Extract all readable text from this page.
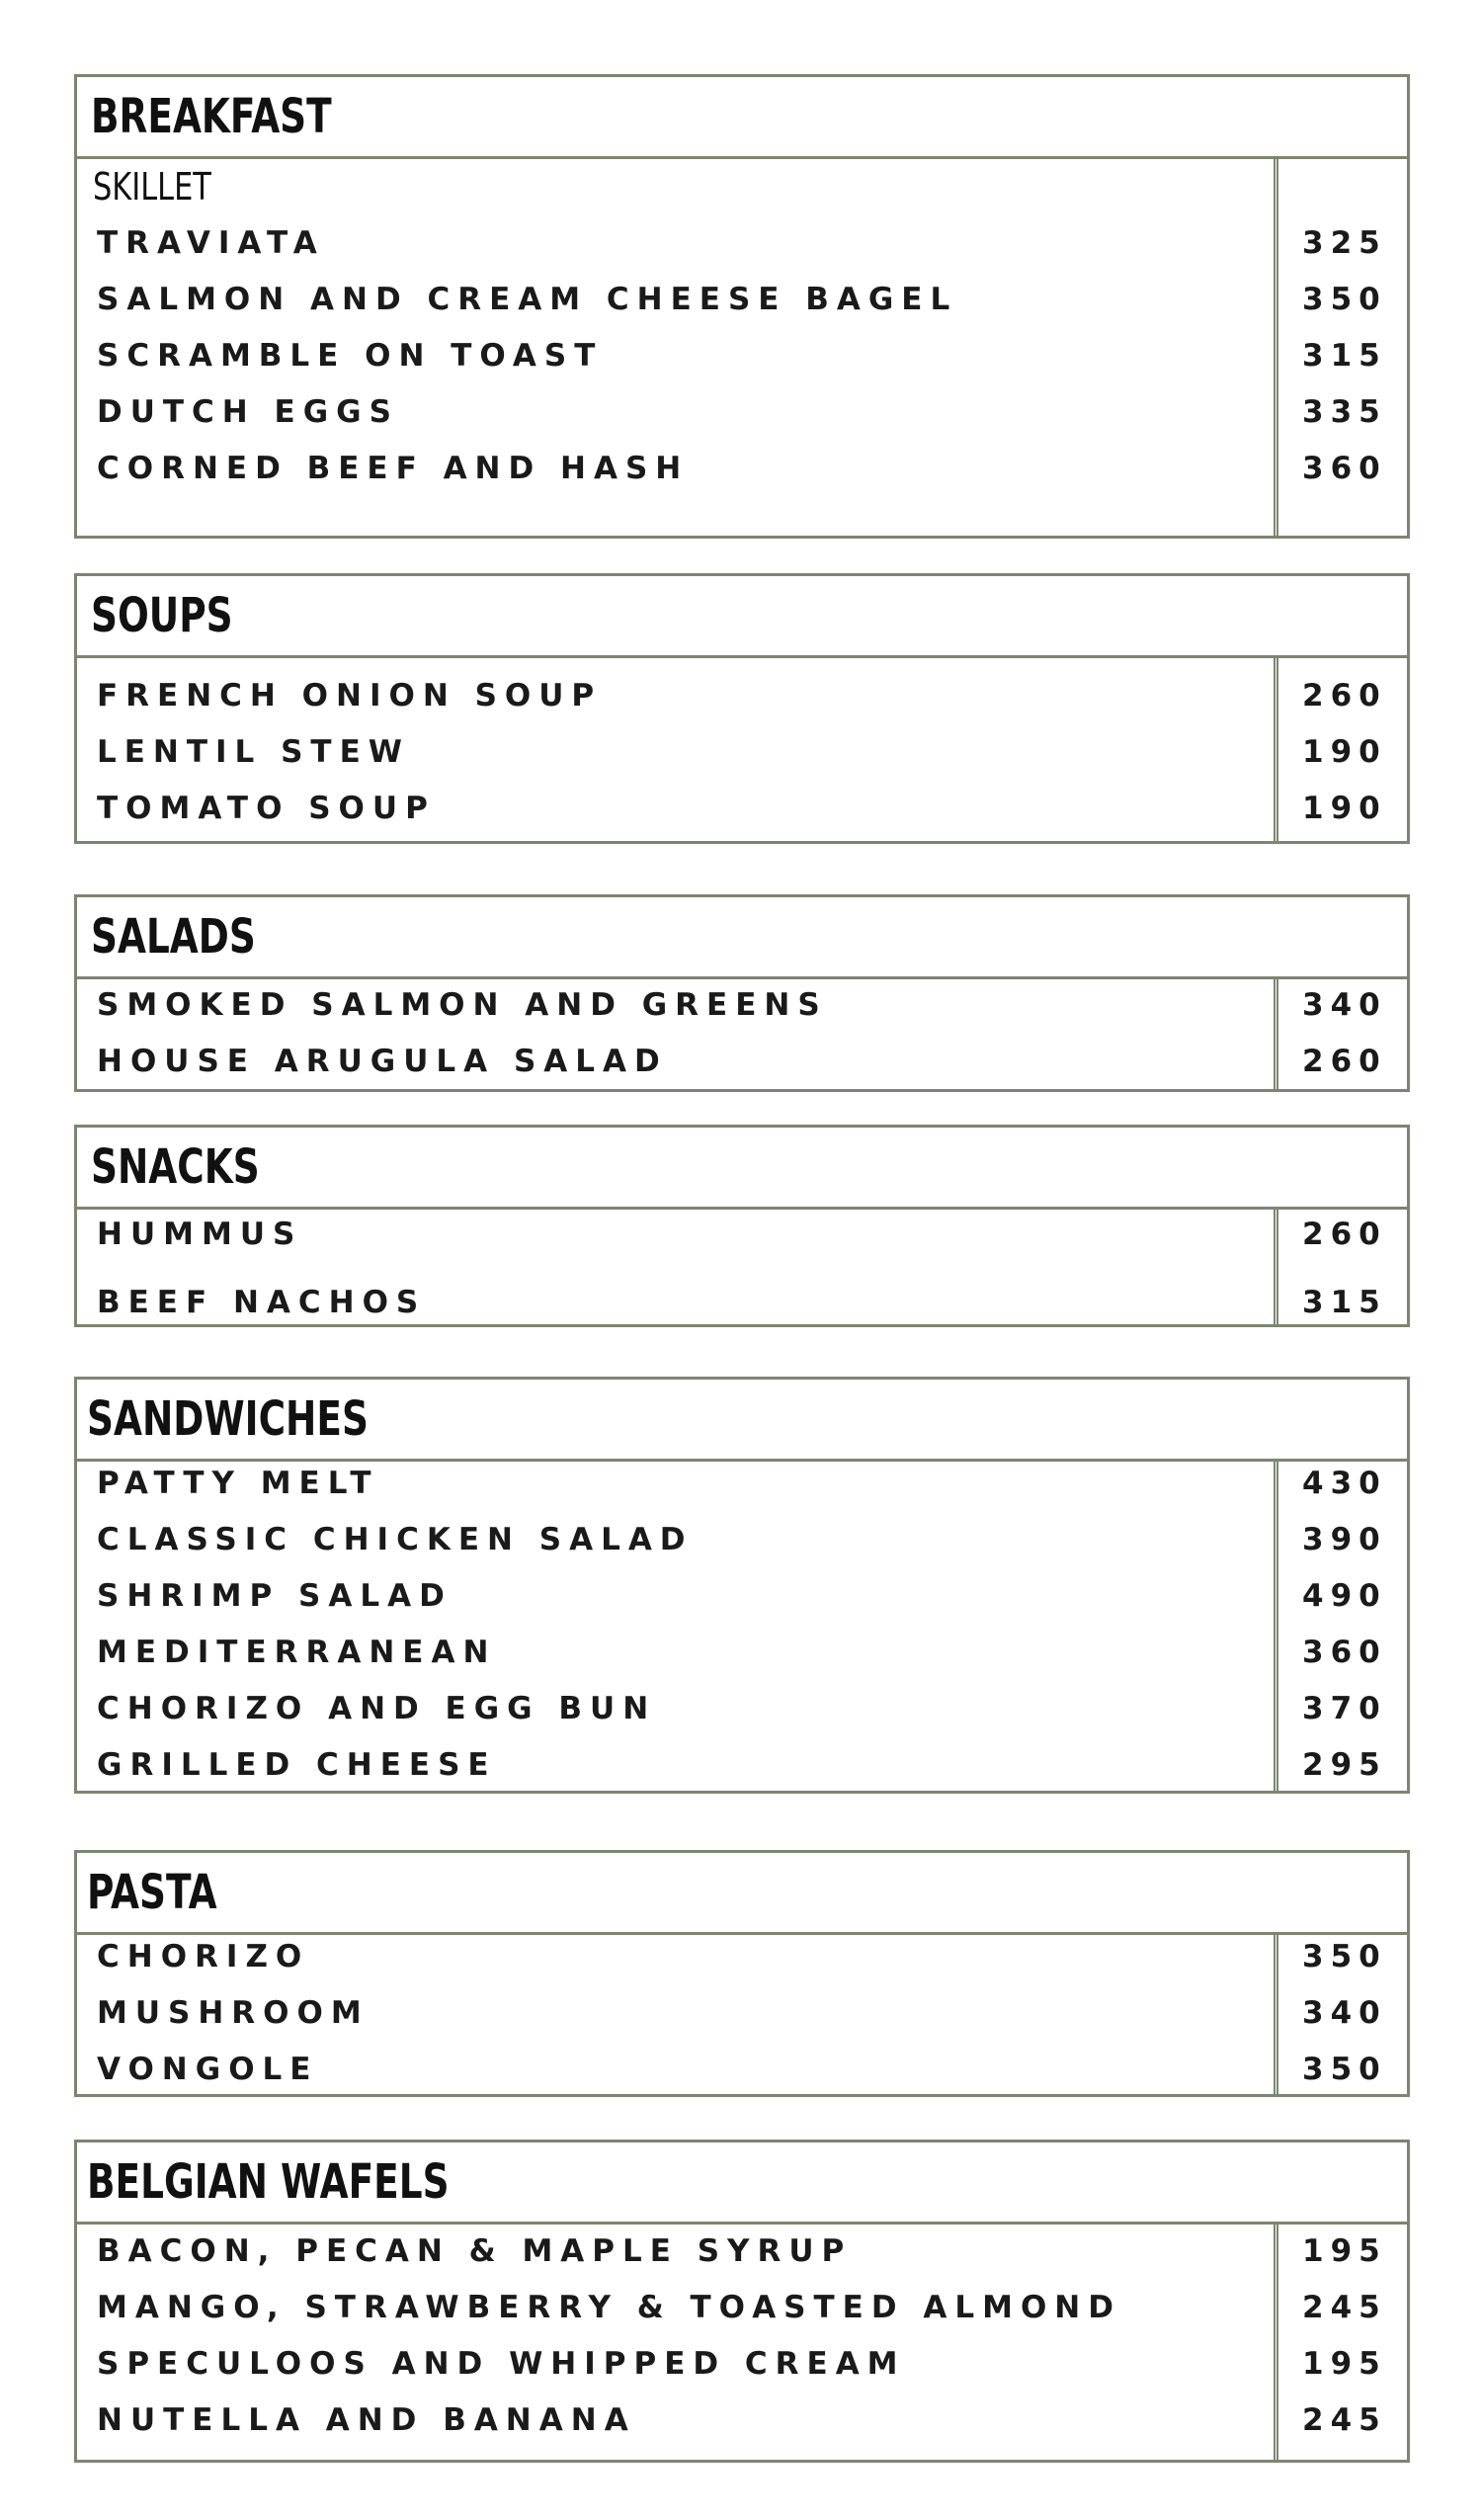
BREAKFAST
SKILLET
TRAVIATA	325
SALMON AND CREAM CHEESE BAGEL	350
SCRAMBLE ON TOAST	315
DUTCH EGGS	335
CORNED BEEF AND HASH	360
SOUPS
FRENCH ONION SOUP	260
LENTIL STEW	190
TOMATO SOUP	190
SALADS
SMOKED SALMON AND GREENS	340
HOUSE ARUGULA SALAD	260
SNACKS
HUMMUS	260
BEEF NACHOS	315
SANDWICHES
PATTY MELT	430
CLASSIC CHICKEN SALAD	390
SHRIMP SALAD	490
MEDITERRANEAN	360
CHORIZO AND EGG BUN	370
GRILLED CHEESE	295
PASTA
CHORIZO	350
MUSHROOM	340
VONGOLE	350
BELGIAN WAFELS
BACON, PECAN & MAPLE SYRUP	195
MANGO, STRAWBERRY & TOASTED ALMOND	245
SPECULOOS AND WHIPPED CREAM	195
NUTELLA AND BANANA	245
